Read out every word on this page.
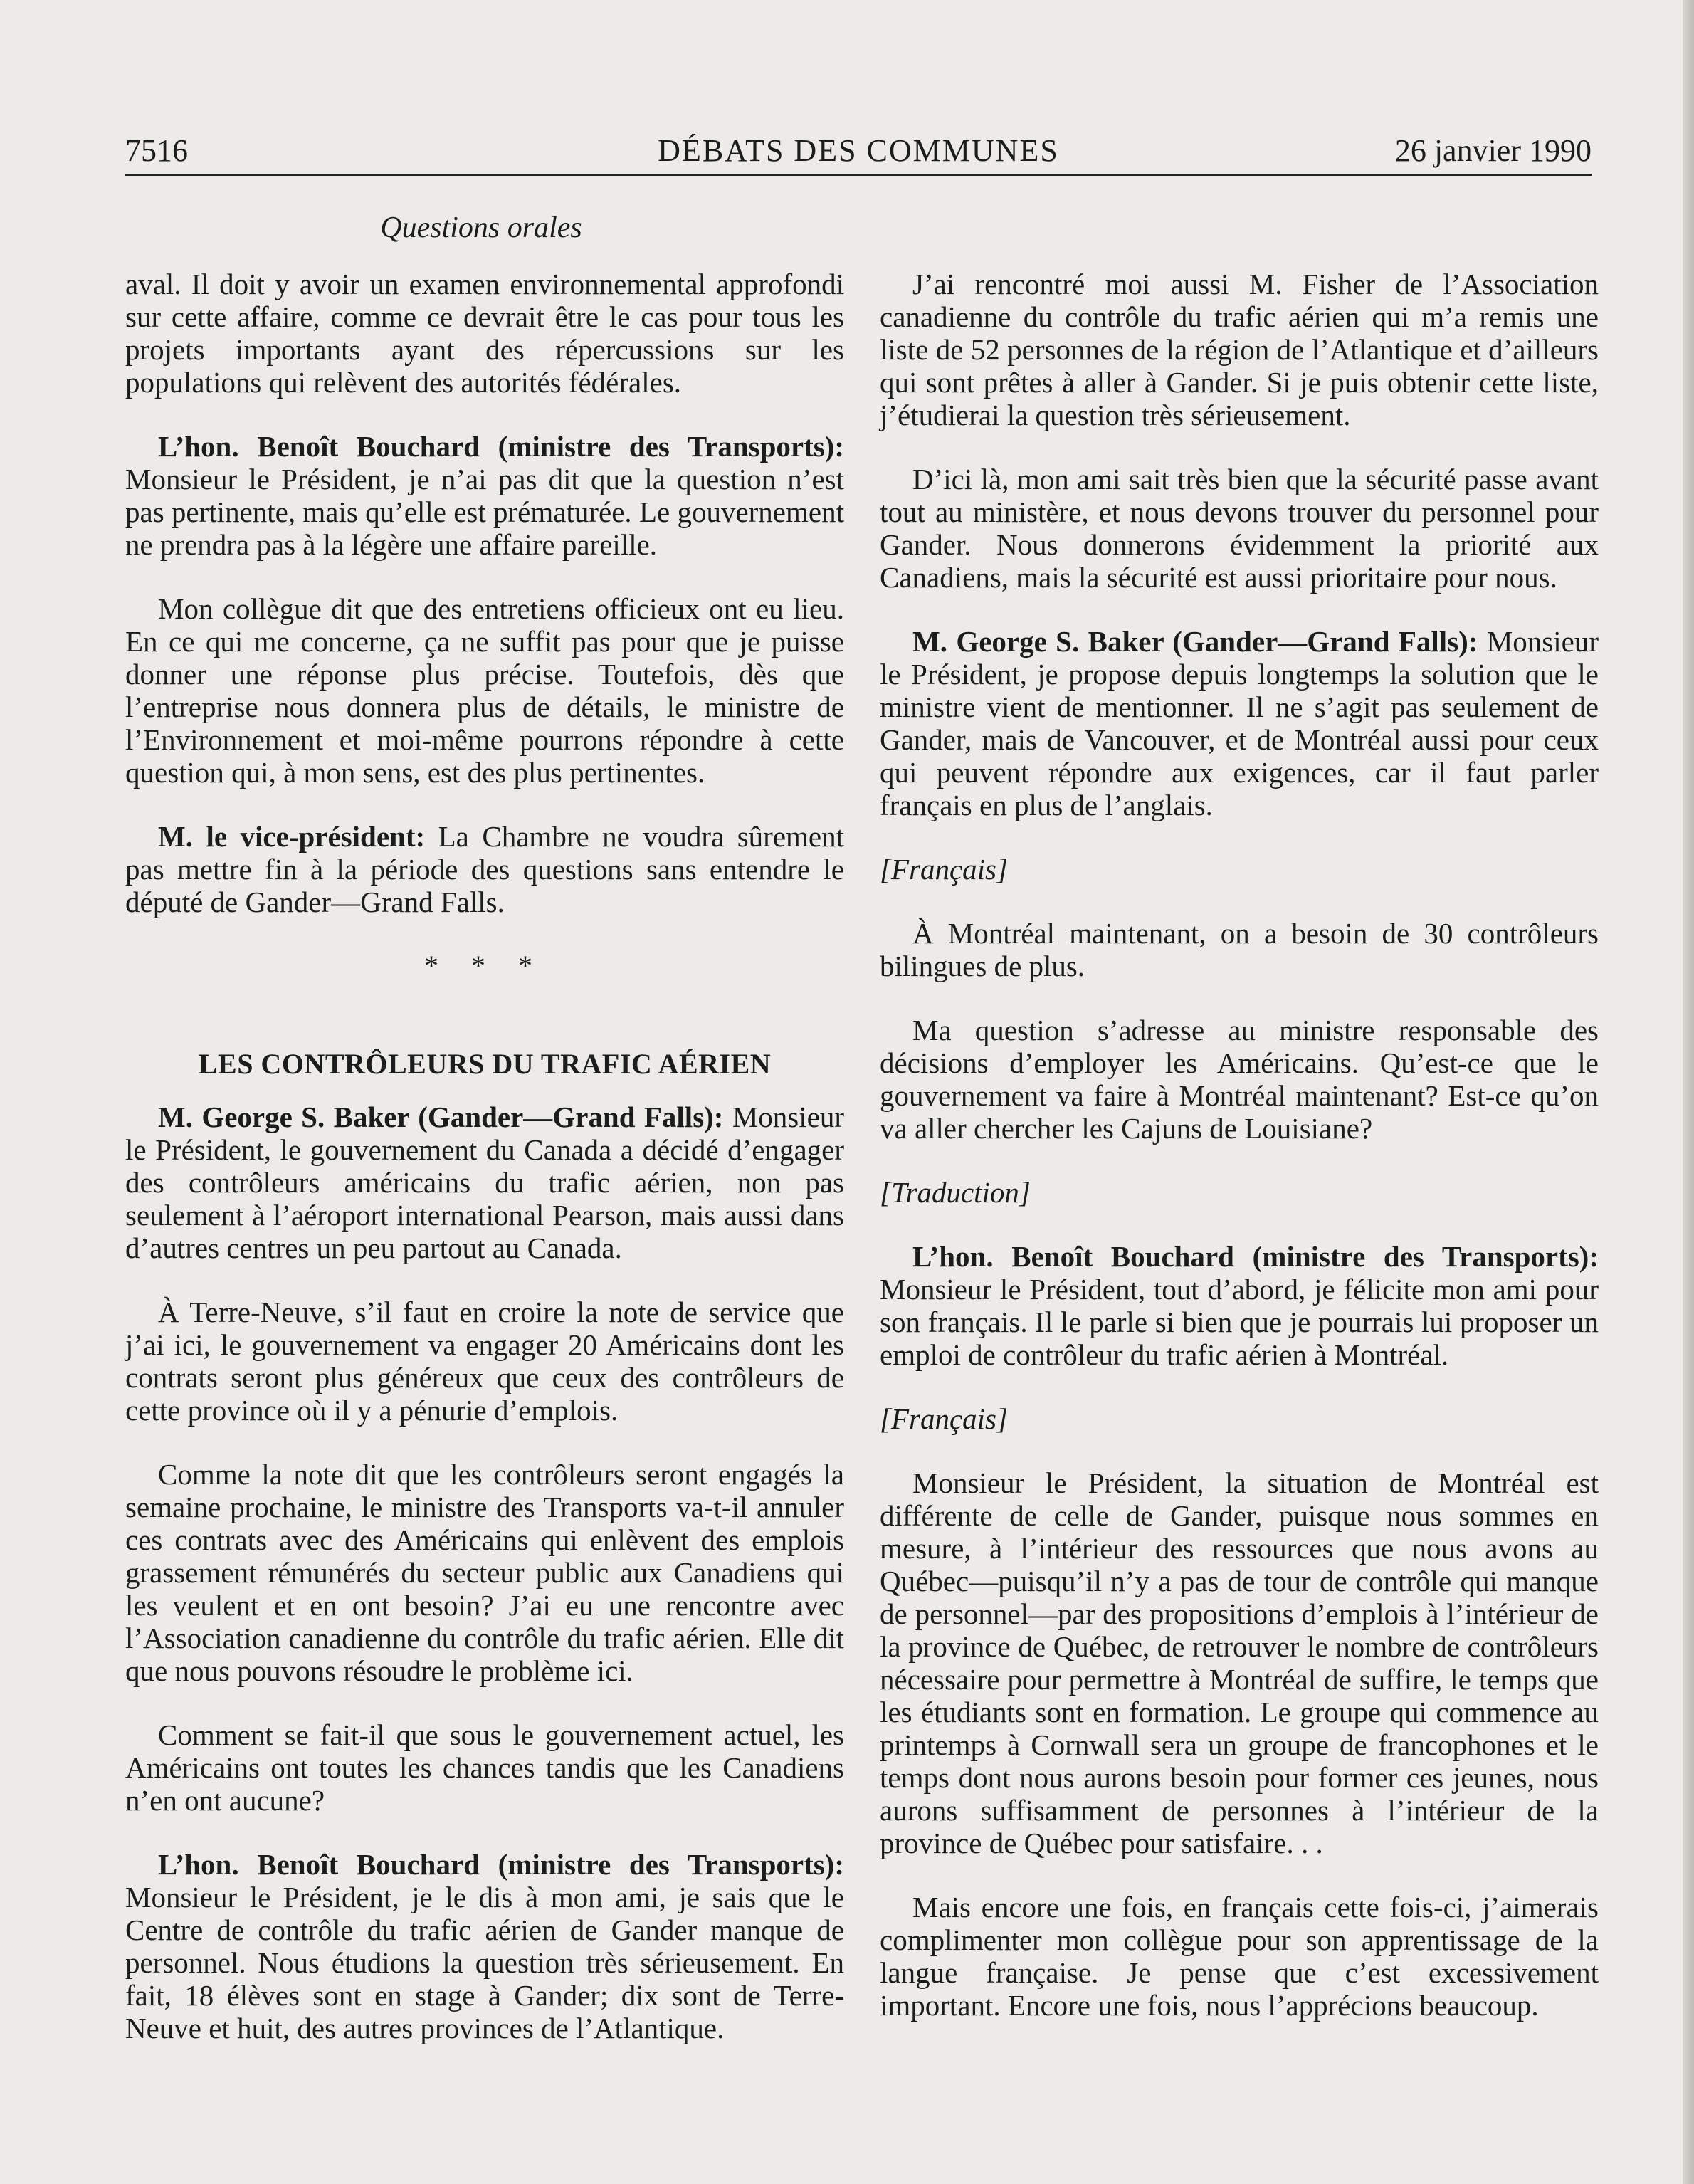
7516	DÉBATS DES COMMUNES	26 janvier 1990
Questions orales

aval. Il doit y avoir un examen environnemental approfondi sur cette affaire, comme ce devrait être le cas pour tous les projets importants ayant des répercussions sur les populations qui relèvent des autorités fédérales.

L’hon. Benoît Bouchard (ministre des Transports): Monsieur le Président, je n’ai pas dit que la question n’est pas pertinente, mais qu’elle est prématurée. Le gouvernement ne prendra pas à la légère une affaire pareille.

Mon collègue dit que des entretiens officieux ont eu lieu. En ce qui me concerne, ça ne suffit pas pour que je puisse donner une réponse plus précise. Toutefois, dès que l’entreprise nous donnera plus de détails, le ministre de l’Environnement et moi-même pourrons répondre à cette question qui, à mon sens, est des plus pertinentes.

M. le vice-président: La Chambre ne voudra sûrement pas mettre fin à la période des questions sans entendre le député de Gander—Grand Falls.

* * *
LES CONTRÔLEURS DU TRAFIC AÉRIEN

M. George S. Baker (Gander—Grand Falls): Monsieur le Président, le gouvernement du Canada a décidé d’engager des contrôleurs américains du trafic aérien, non pas seulement à l’aéroport international Pearson, mais aussi dans d’autres centres un peu partout au Canada.

À Terre-Neuve, s’il faut en croire la note de service que j’ai ici, le gouvernement va engager 20 Américains dont les contrats seront plus généreux que ceux des contrôleurs de cette province où il y a pénurie d’emplois.

Comme la note dit que les contrôleurs seront engagés la semaine prochaine, le ministre des Transports va-t-il annuler ces contrats avec des Américains qui enlèvent des emplois grassement rémunérés du secteur public aux Canadiens qui les veulent et en ont besoin? J’ai eu une rencontre avec l’Association canadienne du contrôle du trafic aérien. Elle dit que nous pouvons résoudre le problème ici.

Comment se fait-il que sous le gouvernement actuel, les Américains ont toutes les chances tandis que les Canadiens n’en ont aucune?

L’hon. Benoît Bouchard (ministre des Transports): Monsieur le Président, je le dis à mon ami, je sais que le Centre de contrôle du trafic aérien de Gander manque de personnel. Nous étudions la question très sérieusement. En fait, 18 élèves sont en stage à Gander; dix sont de Terre-Neuve et huit, des autres provinces de l’Atlantique.

J’ai rencontré moi aussi M. Fisher de l’Association canadienne du contrôle du trafic aérien qui m’a remis une liste de 52 personnes de la région de l’Atlantique et d’ailleurs qui sont prêtes à aller à Gander. Si je puis obtenir cette liste, j’étudierai la question très sérieusement.

D’ici là, mon ami sait très bien que la sécurité passe avant tout au ministère, et nous devons trouver du personnel pour Gander. Nous donnerons évidemment la priorité aux Canadiens, mais la sécurité est aussi prioritaire pour nous.

M. George S. Baker (Gander—Grand Falls): Monsieur le Président, je propose depuis longtemps la solution que le ministre vient de mentionner. Il ne s’agit pas seulement de Gander, mais de Vancouver, et de Montréal aussi pour ceux qui peuvent répondre aux exigences, car il faut parler français en plus de l’anglais.

[Français]

À Montréal maintenant, on a besoin de 30 contrôleurs bilingues de plus.

Ma question s’adresse au ministre responsable des décisions d’employer les Américains. Qu’est-ce que le gouvernement va faire à Montréal maintenant? Est-ce qu’on va aller chercher les Cajuns de Louisiane?

[Traduction]

L’hon. Benoît Bouchard (ministre des Transports): Monsieur le Président, tout d’abord, je félicite mon ami pour son français. Il le parle si bien que je pourrais lui proposer un emploi de contrôleur du trafic aérien à Montréal.

[Français]

Monsieur le Président, la situation de Montréal est différente de celle de Gander, puisque nous sommes en mesure, à l’intérieur des ressources que nous avons au Québec—puisqu’il n’y a pas de tour de contrôle qui manque de personnel—par des propositions d’emplois à l’intérieur de la province de Québec, de retrouver le nombre de contrôleurs nécessaire pour permettre à Montréal de suffire, le temps que les étudiants sont en formation. Le groupe qui commence au printemps à Cornwall sera un groupe de francophones et le temps dont nous aurons besoin pour former ces jeunes, nous aurons suffisamment de personnes à l’intérieur de la province de Québec pour satisfaire. . .

Mais encore une fois, en français cette fois-ci, j’aimerais complimenter mon collègue pour son apprentissage de la langue française. Je pense que c’est excessivement important. Encore une fois, nous l’apprécions beaucoup.
